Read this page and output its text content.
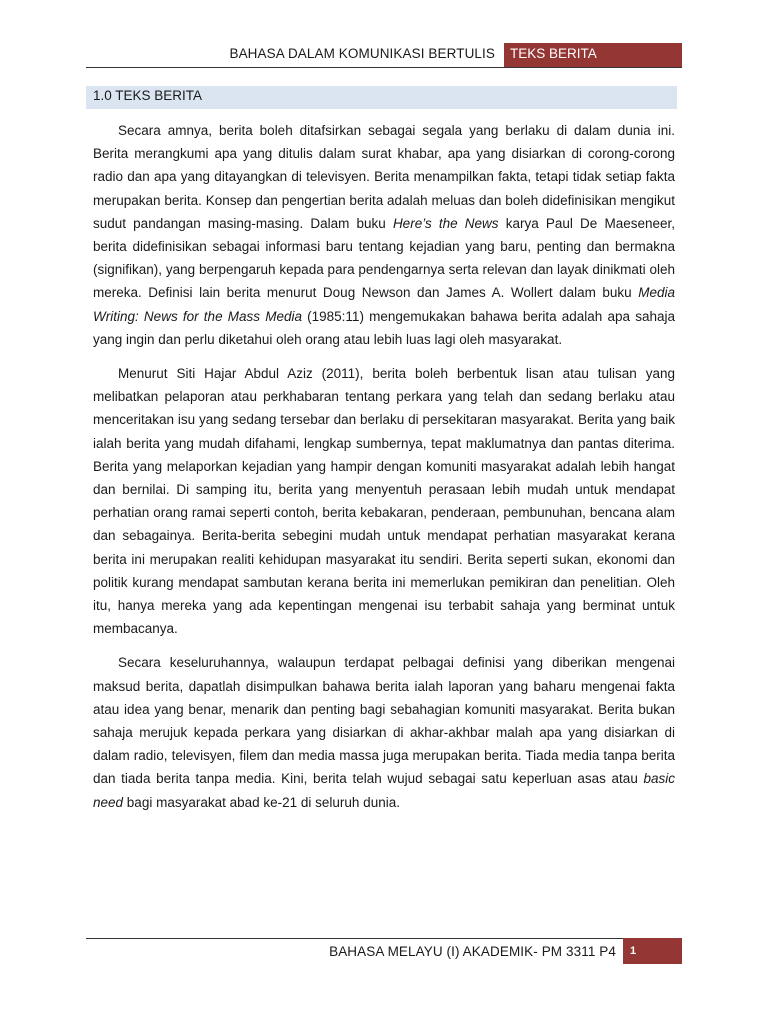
BAHASA DALAM KOMUNIKASI BERTULIS	TEKS BERITA
1.0 TEKS BERITA

Secara amnya, berita boleh ditafsirkan sebagai segala yang berlaku di dalam dunia ini. Berita merangkumi apa yang ditulis dalam surat khabar, apa yang disiarkan di corong-corong radio dan apa yang ditayangkan di televisyen. Berita menampilkan fakta, tetapi tidak setiap fakta merupakan berita. Konsep dan pengertian berita adalah meluas dan boleh didefinisikan mengikut sudut pandangan masing-masing. Dalam buku Here’s the News karya Paul De Maeseneer, berita didefinisikan sebagai informasi baru tentang kejadian yang baru, penting dan bermakna (signifikan), yang berpengaruh kepada para pendengarnya serta relevan dan layak dinikmati oleh mereka. Definisi lain berita menurut Doug Newson dan James A. Wollert dalam buku Media Writing: News for the Mass Media (1985:11) mengemukakan bahawa berita adalah apa sahaja yang ingin dan perlu diketahui oleh orang atau lebih luas lagi oleh masyarakat.

Menurut Siti Hajar Abdul Aziz (2011), berita boleh berbentuk lisan atau tulisan yang melibatkan pelaporan atau perkhabaran tentang perkara yang telah dan sedang berlaku atau menceritakan isu yang sedang tersebar dan berlaku di persekitaran masyarakat. Berita yang baik ialah berita yang mudah difahami, lengkap sumbernya, tepat maklumatnya dan pantas diterima. Berita yang melaporkan kejadian yang hampir dengan komuniti masyarakat adalah lebih hangat dan bernilai. Di samping itu, berita yang menyentuh perasaan lebih mudah untuk mendapat perhatian orang ramai seperti contoh, berita kebakaran, penderaan, pembunuhan, bencana alam dan sebagainya. Berita-berita sebegini mudah untuk mendapat perhatian masyarakat kerana berita ini merupakan realiti kehidupan masyarakat itu sendiri. Berita seperti sukan, ekonomi dan politik kurang mendapat sambutan kerana berita ini memerlukan pemikiran dan penelitian. Oleh itu, hanya mereka yang ada kepentingan mengenai isu terbabit sahaja yang berminat untuk membacanya.

Secara keseluruhannya, walaupun terdapat pelbagai definisi yang diberikan mengenai maksud berita, dapatlah disimpulkan bahawa berita ialah laporan yang baharu mengenai fakta atau idea yang benar, menarik dan penting bagi sebahagian komuniti masyarakat. Berita bukan sahaja merujuk kepada perkara yang disiarkan di akhar-akhbar malah apa yang disiarkan di dalam radio, televisyen, filem dan media massa juga merupakan berita. Tiada media tanpa berita dan tiada berita tanpa media. Kini, berita telah wujud sebagai satu keperluan asas atau basic need bagi masyarakat abad ke-21 di seluruh dunia.

BAHASA MELAYU (I) AKADEMIK- PM 3311 P4	1
